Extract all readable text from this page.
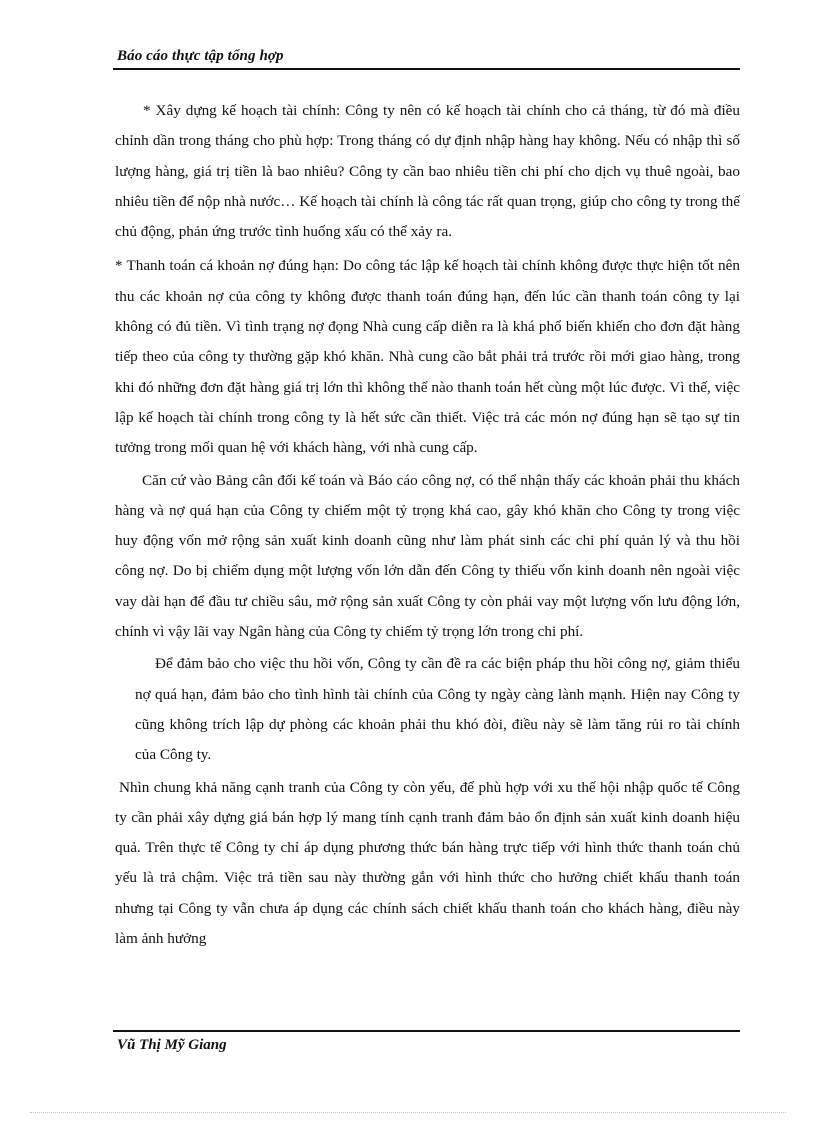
Báo cáo thực tập tổng hợp

* Xây dựng kế hoạch tài chính: Công ty nên có kế hoạch tài chính cho cả tháng, từ đó mà điều chỉnh dần trong tháng cho phù hợp: Trong tháng có dự định nhập hàng hay không. Nếu có nhập thì số lượng hàng, giá trị tiền là bao nhiêu? Công ty cần bao nhiêu tiền chi phí cho dịch vụ thuê ngoài, bao nhiêu tiền để nộp nhà nước… Kế hoạch tài chính là công tác rất quan trọng, giúp cho công ty trong thế chủ động, phản ứng trước tình huống xấu có thể xảy ra.

* Thanh toán cá khoản nợ đúng hạn: Do công tác lập kế hoạch tài chính không được thực hiện tốt nên thu các khoản nợ của công ty không được thanh toán đúng hạn, đến lúc cần thanh toán công ty lại không có đủ tiền. Vì tình trạng nợ đọng Nhà cung cấp diễn ra là khá phổ biến khiến cho đơn đặt hàng tiếp theo của công ty thường gặp khó khăn. Nhà cung cầo bắt phải trả trước rồi mới giao hàng, trong khi đó những đơn đặt hàng giá trị lớn thì không thể nào thanh toán hết cùng một lúc được. Vì thế, việc lập kế hoạch tài chính trong công ty là hết sức cần thiết. Việc trả các món nợ đúng hạn sẽ tạo sự tin tưởng trong mối quan hệ với khách hàng, với nhà cung cấp.

Căn cứ vào Bảng cân đối kế toán và Báo cáo công nợ, có thể nhận thấy các khoản phải thu khách hàng và nợ quá hạn của Công ty chiếm một tỷ trọng khá cao, gây khó khăn cho Công ty trong việc huy động vốn mở rộng sản xuất kinh doanh cũng như làm phát sinh các chi phí quản lý và thu hồi công nợ. Do bị chiếm dụng một lượng vốn lớn dẫn đến Công ty thiếu vốn kinh doanh nên ngoài việc vay dài hạn để đầu tư chiều sâu, mở rộng sản xuất Công ty còn phải vay một lượng vốn lưu động lớn, chính vì vậy lãi vay Ngân hàng của Công ty chiếm tỷ trọng lớn trong chi phí.

Để đảm bảo cho việc thu hồi vốn, Công ty cần đề ra các biện pháp thu hồi công nợ, giảm thiểu nợ quá hạn, đảm bảo cho tình hình tài chính của Công ty ngày càng lành mạnh. Hiện nay Công ty cũng không trích lập dự phòng các khoản phải thu khó đòi, điều này sẽ làm tăng rủi ro tài chính của Công ty.

Nhìn chung khả năng cạnh tranh của Công ty còn yếu, để phù hợp với xu thế hội nhập quốc tế Công ty cần phải xây dựng giá bán hợp lý mang tính cạnh tranh đảm bảo ổn định sản xuất kinh doanh hiệu quả. Trên thực tế Công ty chỉ áp dụng phương thức bán hàng trực tiếp với hình thức thanh toán chủ yếu là trả chậm. Việc trả tiền sau này thường gắn với hình thức cho hưởng chiết khấu thanh toán nhưng tại Công ty vẫn chưa áp dụng các chính sách chiết khấu thanh toán cho khách hàng, điều này làm ảnh hưởng

Vũ Thị Mỹ Giang
